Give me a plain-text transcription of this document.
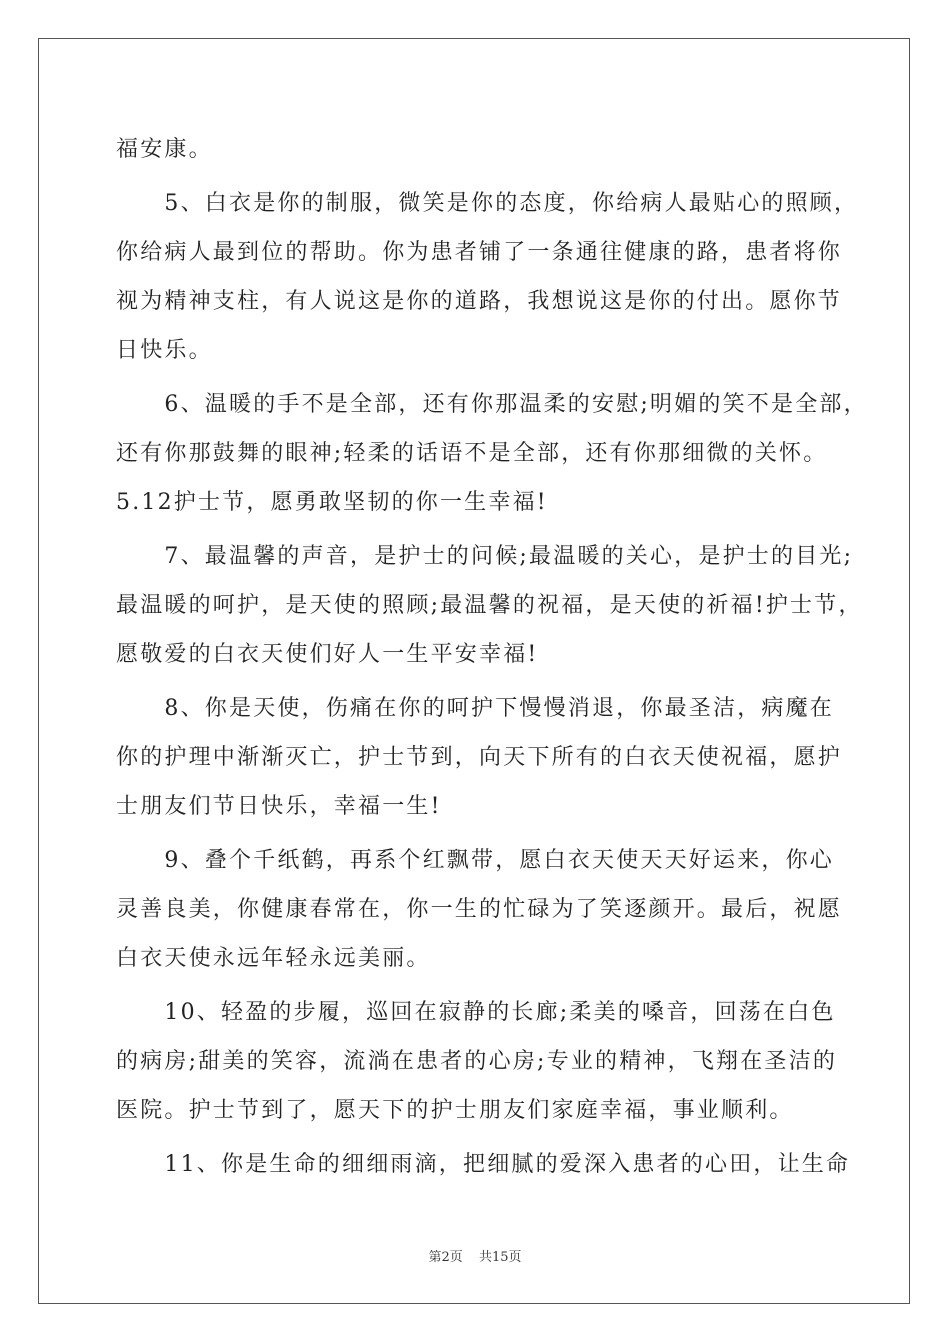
福安康。
　　5、白衣是你的制服，微笑是你的态度，你给病人最贴心的照顾，
你给病人最到位的帮助。你为患者铺了一条通往健康的路，患者将你
视为精神支柱，有人说这是你的道路，我想说这是你的付出。愿你节
日快乐。
　　6、温暖的手不是全部，还有你那温柔的安慰;明媚的笑不是全部，
还有你那鼓舞的眼神;轻柔的话语不是全部，还有你那细微的关怀。
5.12护士节，愿勇敢坚韧的你一生幸福!
　　7、最温馨的声音，是护士的问候;最温暖的关心，是护士的目光;
最温暖的呵护，是天使的照顾;最温馨的祝福，是天使的祈福!护士节，
愿敬爱的白衣天使们好人一生平安幸福!
　　8、你是天使，伤痛在你的呵护下慢慢消退，你最圣洁，病魔在
你的护理中渐渐灭亡，护士节到，向天下所有的白衣天使祝福，愿护
士朋友们节日快乐，幸福一生!
　　9、叠个千纸鹤，再系个红飘带，愿白衣天使天天好运来，你心
灵善良美，你健康春常在，你一生的忙碌为了笑逐颜开。最后，祝愿
白衣天使永远年轻永远美丽。
　　10、轻盈的步履，巡回在寂静的长廊;柔美的嗓音，回荡在白色
的病房;甜美的笑容，流淌在患者的心房;专业的精神，飞翔在圣洁的
医院。护士节到了，愿天下的护士朋友们家庭幸福，事业顺利。
　　11、你是生命的细细雨滴，把细腻的爱深入患者的心田，让生命
第2页 共15页
